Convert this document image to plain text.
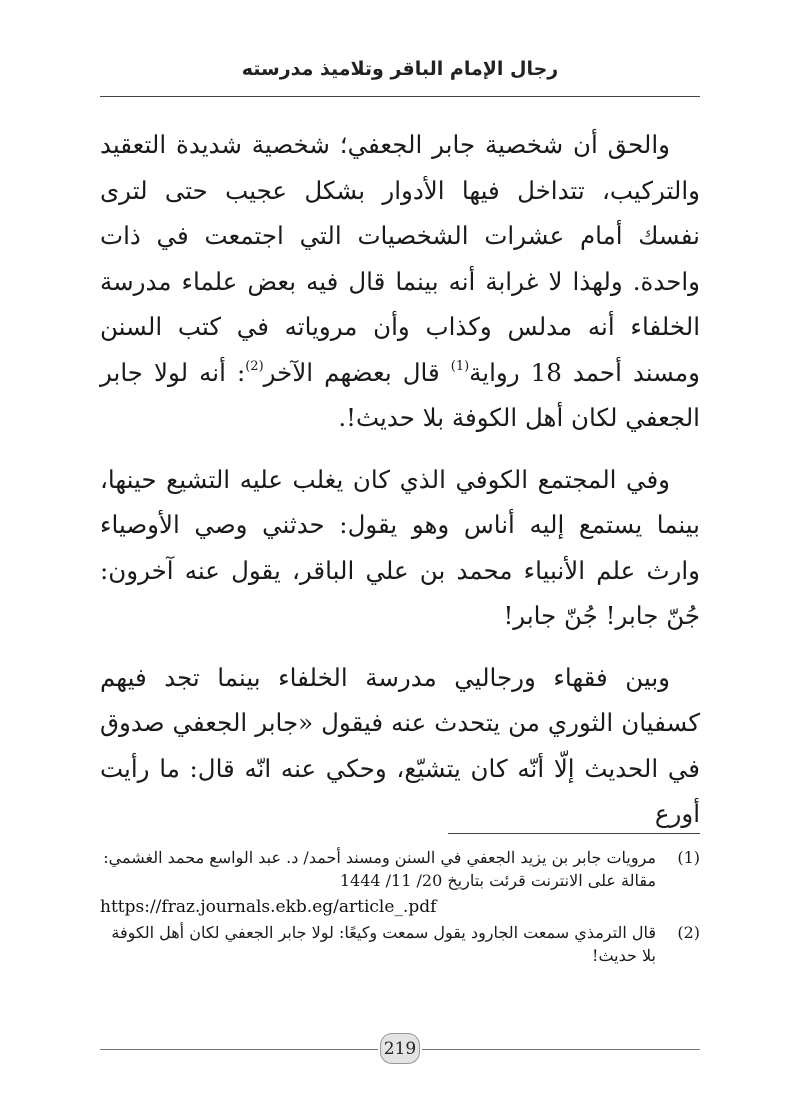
رجال الإمام الباقر وتلاميذ مدرسته

والحق أن شخصية جابر الجعفي؛ شخصية شديدة التعقيد والتركيب، تتداخل فيها الأدوار بشكل عجيب حتى لترى نفسك أمام عشرات الشخصيات التي اجتمعت في ذات واحدة. ولهذا لا غرابة أنه بينما قال فيه بعض علماء مدرسة الخلفاء أنه مدلس وكذاب وأن مروياته في كتب السنن ومسند أحمد 18 رواية$^{(1)}$ قال بعضهم الآخر$^{(2)}$: أنه لولا جابر الجعفي لكان أهل الكوفة بلا حديث!.

وفي المجتمع الكوفي الذي كان يغلب عليه التشيع حينها، بينما يستمع إليه أناس وهو يقول: حدثني وصي الأوصياء وارث علم الأنبياء محمد بن علي الباقر، يقول عنه آخرون: جُنّ جابر! جُنّ جابر!

وبين فقهاء ورجاليي مدرسة الخلفاء بينما تجد فيهم كسفيان الثوري من يتحدث عنه فيقول «جابر الجعفي صدوق في الحديث إلّا أنّه كان يتشيّع، وحكي عنه انّه قال: ما رأيت أورع

(1)
مرويات جابر بن يزيد الجعفي في السنن ومسند أحمد/ د. عبد الواسع محمد الغشمي: مقالة على الانترنت قرئت بتاريخ 20/ 11/ 1444
https://fraz.journals.ekb.eg/article_.pdf
(2)
قال الترمذي سمعت الجارود يقول سمعت وكيعًا: لولا جابر الجعفي لكان أهل الكوفة بلا حديث!
219
